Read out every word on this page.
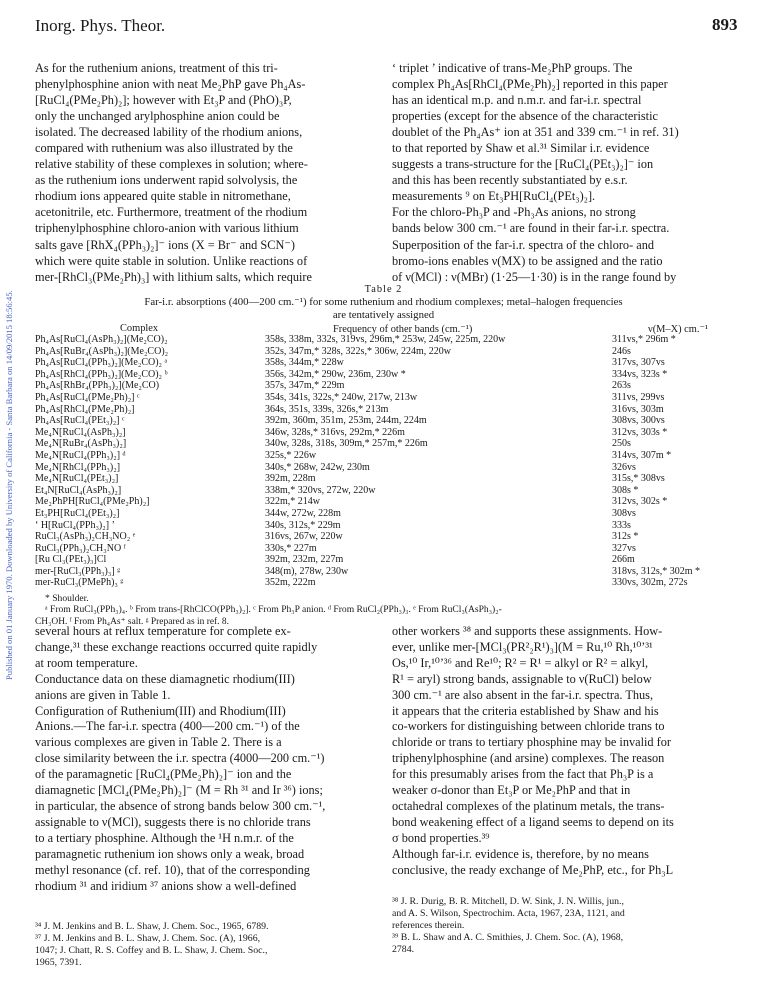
Published on 01 January 1970. Downloaded by University of California - Santa Barbara on 14/09/2015 18:56:45.
Inorg. Phys. Theor.	893
As for the ruthenium anions, treatment of this tri-
phenylphosphine anion with neat Me₂PhP gave Ph₄As-
[RuCl₄(PMe₂Ph)₂]; however with Et₃P and (PhO)₃P,
only the unchanged arylphosphine anion could be
isolated. The decreased lability of the rhodium anions,
compared with ruthenium was also illustrated by the
relative stability of these complexes in solution; where-
as the ruthenium ions underwent rapid solvolysis, the
rhodium ions appeared quite stable in nitromethane,
acetonitrile, etc. Furthermore, treatment of the rhodium
triphenylphosphine chloro-anion with various lithium
salts gave [RhX₄(PPh₃)₂]⁻ ions (X = Br⁻ and SCN⁻)
which were quite stable in solution. Unlike reactions of
mer-[RhCl₃(PMe₂Ph)₃] with lithium salts, which require
‘ triplet ’ indicative of trans-Me₂PhP groups. The
complex Ph₄As[RhCl₄(PMe₂Ph)₂] reported in this paper
has an identical m.p. and n.m.r. and far-i.r. spectral
properties (except for the absence of the characteristic
doublet of the Ph₄As⁺ ion at 351 and 339 cm.⁻¹ in ref. 31)
to that reported by Shaw et al.³¹ Similar i.r. evidence
suggests a trans-structure for the [RuCl₄(PEt₃)₂]⁻ ion
and this has been recently substantiated by e.s.r.
measurements ⁹ on Et₃PH[RuCl₄(PEt₃)₂].
For the chloro-Ph₃P and -Ph₃As anions, no strong
bands below 300 cm.⁻¹ are found in their far-i.r. spectra.
Superposition of the far-i.r. spectra of the chloro- and
bromo-ions enables ν(MX) to be assigned and the ratio
of ν(MCl) : ν(MBr) (1·25—1·30) is in the range found by
Table 2
Far-i.r. absorptions (400—200 cm.⁻¹) for some ruthenium and rhodium complexes; metal–halogen frequencies
are tentatively assigned
Complex	Frequency of other bands (cm.⁻¹)	ν(M–X) cm.⁻¹
Ph₄As[RuCl₄(AsPh₃)₂](Me₂CO)₂	358s, 338m, 332s, 319vs, 296m,* 253w, 245w, 225m, 220w	311vs,* 296m *
Ph₄As[RuBr₄(AsPh₃)₂](Me₂CO)₂	352s, 347m,* 328s, 322s,* 306w, 224m, 220w	246s
Ph₄As[RuCl₄(PPh₃)₂](Me₂CO)₂ ᵃ	358s, 344m,* 228w	317vs, 307vs
Ph₄As[RhCl₄(PPh₃)₂](Me₂CO)₂ ᵇ	356s, 342m,* 290w, 236m, 230w *	334vs, 323s *
Ph₄As[RhBr₄(PPh₃)₂](Me₂CO)	357s, 347m,* 229m	263s
Ph₄As[RuCl₄(PMe₂Ph)₂] ᶜ	354s, 341s, 322s,* 240w, 217w, 213w	311vs, 299vs
Ph₄As[RhCl₄(PMe₂Ph)₂]	364s, 351s, 339s, 326s,* 213m	316vs, 303m
Ph₄As[RuCl₄(PEt₃)₂] ᶜ	392m, 360m, 351m, 253m, 244m, 224m	308vs, 300vs
Me₄N[RuCl₄(AsPh₃)₂]	346w, 328s,* 316vs, 292m,* 226m	312vs, 303s *
Me₄N[RuBr₄(AsPh₃)₂]	340w, 328s, 318s, 309m,* 257m,* 226m	250s
Me₄N[RuCl₄(PPh₃)₂] ᵈ	325s,* 226w	314vs, 307m *
Me₄N[RhCl₄(PPh₃)₂]	340s,* 268w, 242w, 230m	326vs
Me₄N[RuCl₄(PEt₃)₂]	392m, 228m	315s,* 308vs
Et₄N[RuCl₄(AsPh₃)₂]	338m,* 320vs, 272w, 220w	308s *
Me₂PhPH[RuCl₄(PMe₂Ph)₂]	322m,* 214w	312vs, 302s *
Et₃PH[RuCl₄(PEt₃)₂]	344w, 272w, 228m	308vs
‘ H[RuCl₄(PPh₃)₂] ’	340s, 312s,* 229m	333s
RuCl₃(AsPh₃)₂CH₃NO₂ ᵉ	316vs, 267w, 220w	312s *
RuCl₃(PPh₃)₂CH₃NO ᶠ	330s,* 227m	327vs
[Ru Cl₃(PEt₃)₃]Cl	392m, 232m, 227m	266m
mer-[RuCl₃(PPh₃)₃] ᵍ	348(m), 278w, 230w	318vs, 312s,* 302m *
mer-RuCl₃(PMePh)₃ ᵍ	352m, 222m	330vs, 302m, 272s
* Shoulder.
ᵃ From RuCl₃(PPh₃)₄. ᵇ From trans-[RhClCO(PPh₃)₂]. ᶜ From Ph₃P anion. ᵈ From RuCl₂(PPh₃)₃. ᵉ From RuCl₃(AsPh₃)₂-
CH₃OH. ᶠ From Ph₄As⁺ salt. ᵍ Prepared as in ref. 8.
several hours at reflux temperature for complete ex-
change,³¹ these exchange reactions occurred quite rapidly
at room temperature.
Conductance data on these diamagnetic rhodium(III)
anions are given in Table 1.
Configuration of Ruthenium(III) and Rhodium(III)
Anions.—The far-i.r. spectra (400—200 cm.⁻¹) of the
various complexes are given in Table 2. There is a
close similarity between the i.r. spectra (4000—200 cm.⁻¹)
of the paramagnetic [RuCl₄(PMe₂Ph)₂]⁻ ion and the
diamagnetic [MCl₄(PMe₂Ph)₂]⁻ (M = Rh ³¹ and Ir ³⁶) ions;
in particular, the absence of strong bands below 300 cm.⁻¹,
assignable to ν(MCl), suggests there is no chloride trans
to a tertiary phosphine. Although the ¹H n.m.r. of the
paramagnetic ruthenium ion shows only a weak, broad
methyl resonance (cf. ref. 10), that of the corresponding
rhodium ³¹ and iridium ³⁷ anions show a well-defined
other workers ³⁸ and supports these assignments. How-
ever, unlike mer-[MCl₃(PR²₂R¹)₃](M = Ru,¹⁰ Rh,¹⁰’³¹
Os,¹⁰ Ir,¹⁰’³⁶ and Re¹⁰; R² = R¹ = alkyl or R² = alkyl,
R¹ = aryl) strong bands, assignable to ν(RuCl) below
300 cm.⁻¹ are also absent in the far-i.r. spectra. Thus,
it appears that the criteria established by Shaw and his
co-workers for distinguishing between chloride trans to
chloride or trans to tertiary phosphine may be invalid for
triphenylphosphine (and arsine) complexes. The reason
for this presumably arises from the fact that Ph₃P is a
weaker σ-donor than Et₃P or Me₂PhP and that in
octahedral complexes of the platinum metals, the trans-
bond weakening effect of a ligand seems to depend on its
σ bond properties.³⁹
Although far-i.r. evidence is, therefore, by no means
conclusive, the ready exchange of Me₂PhP, etc., for Ph₃L
³⁴ J. M. Jenkins and B. L. Shaw, J. Chem. Soc., 1965, 6789.
³⁷ J. M. Jenkins and B. L. Shaw, J. Chem. Soc. (A), 1966,
1047; J. Chatt, R. S. Coffey and B. L. Shaw, J. Chem. Soc.,
1965, 7391.
³⁸ J. R. Durig, B. R. Mitchell, D. W. Sink, J. N. Willis, jun.,
and A. S. Wilson, Spectrochim. Acta, 1967, 23A, 1121, and
references therein.
³⁹ B. L. Shaw and A. C. Smithies, J. Chem. Soc. (A), 1968,
2784.
